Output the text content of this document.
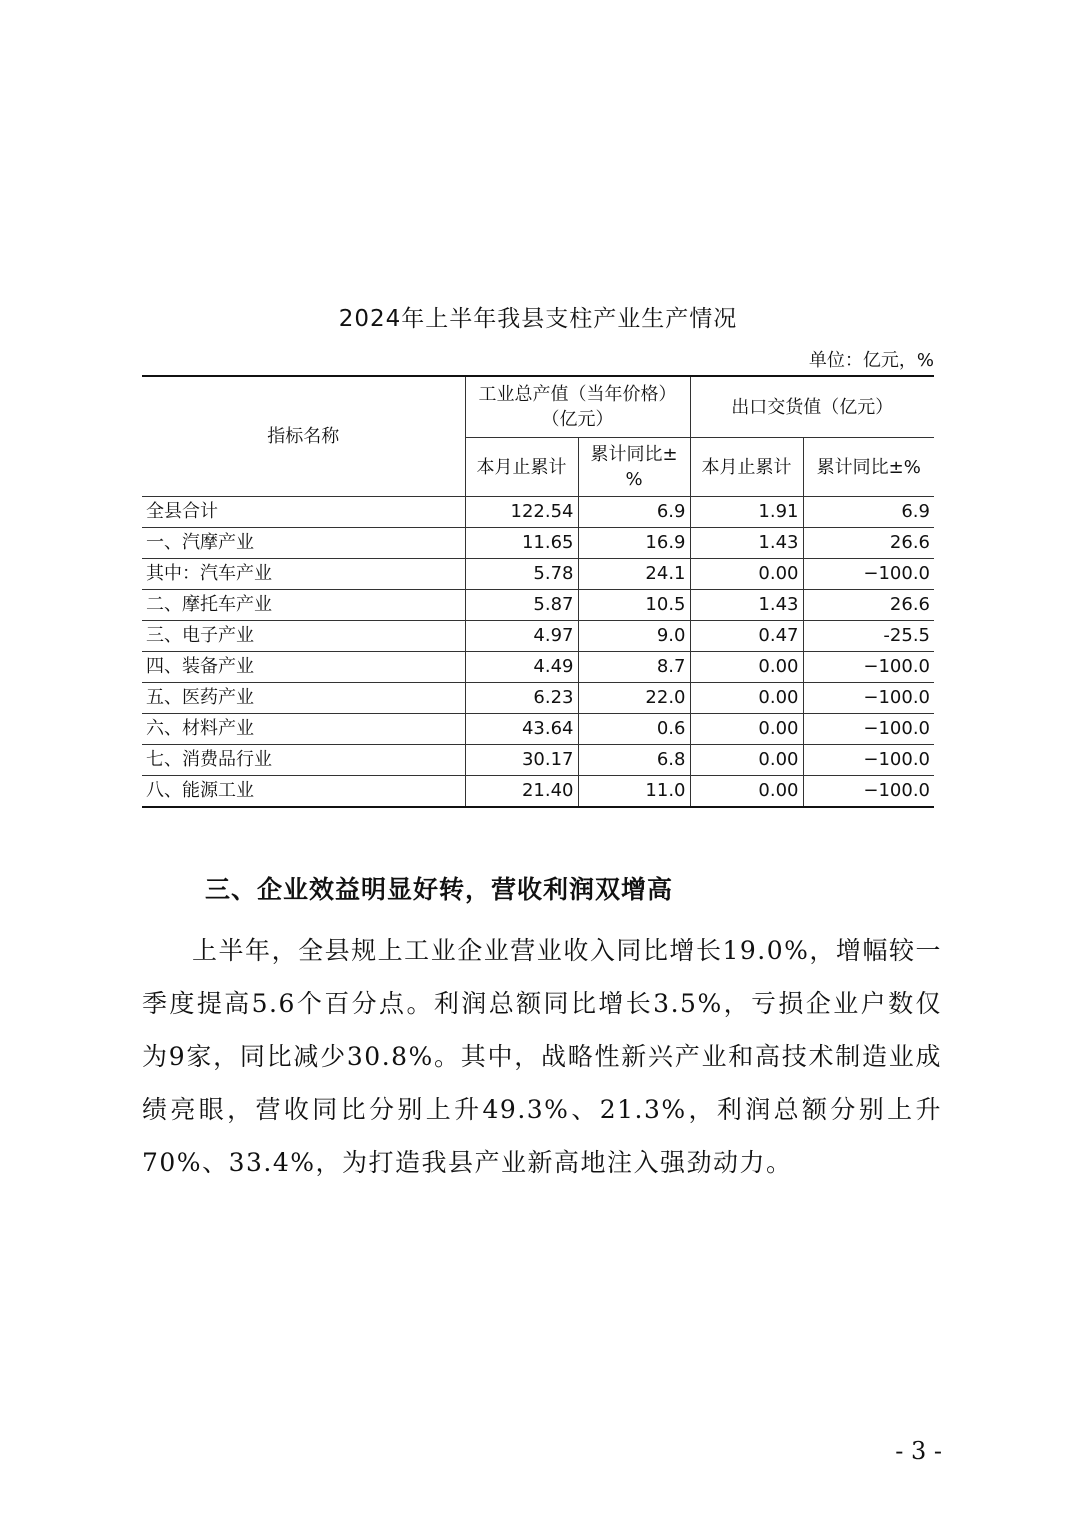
2024年上半年我县支柱产业生产情况
单位：亿元，%
指标名称	工业总产值（当年价格）（亿元）		出口交货值（亿元）	
	本月止累计	累计同比±%	本月止累计	累计同比±%
全县合计	122.54	6.9	1.91	6.9
一、汽摩产业	11.65	16.9	1.43	26.6
其中：汽车产业	5.78	24.1	0.00	−100.0
二、摩托车产业	5.87	10.5	1.43	26.6
三、电子产业	4.97	9.0	0.47	-25.5
四、装备产业	4.49	8.7	0.00	−100.0
五、医药产业	6.23	22.0	0.00	−100.0
六、材料产业	43.64	0.6	0.00	−100.0
七、消费品行业	30.17	6.8	0.00	−100.0
八、能源工业	21.40	11.0	0.00	−100.0
三、企业效益明显好转，营收利润双增高

上半年，全县规上工业企业营业收入同比增长19.0%，增幅较一季度提高5.6个百分点。利润总额同比增长3.5%，亏损企业户数仅为9家，同比减少30.8%。其中，战略性新兴产业和高技术制造业成绩亮眼，营收同比分别上升49.3%、21.3%，利润总额分别上升70%、33.4%，为打造我县产业新高地注入强劲动力。

- 3 -
